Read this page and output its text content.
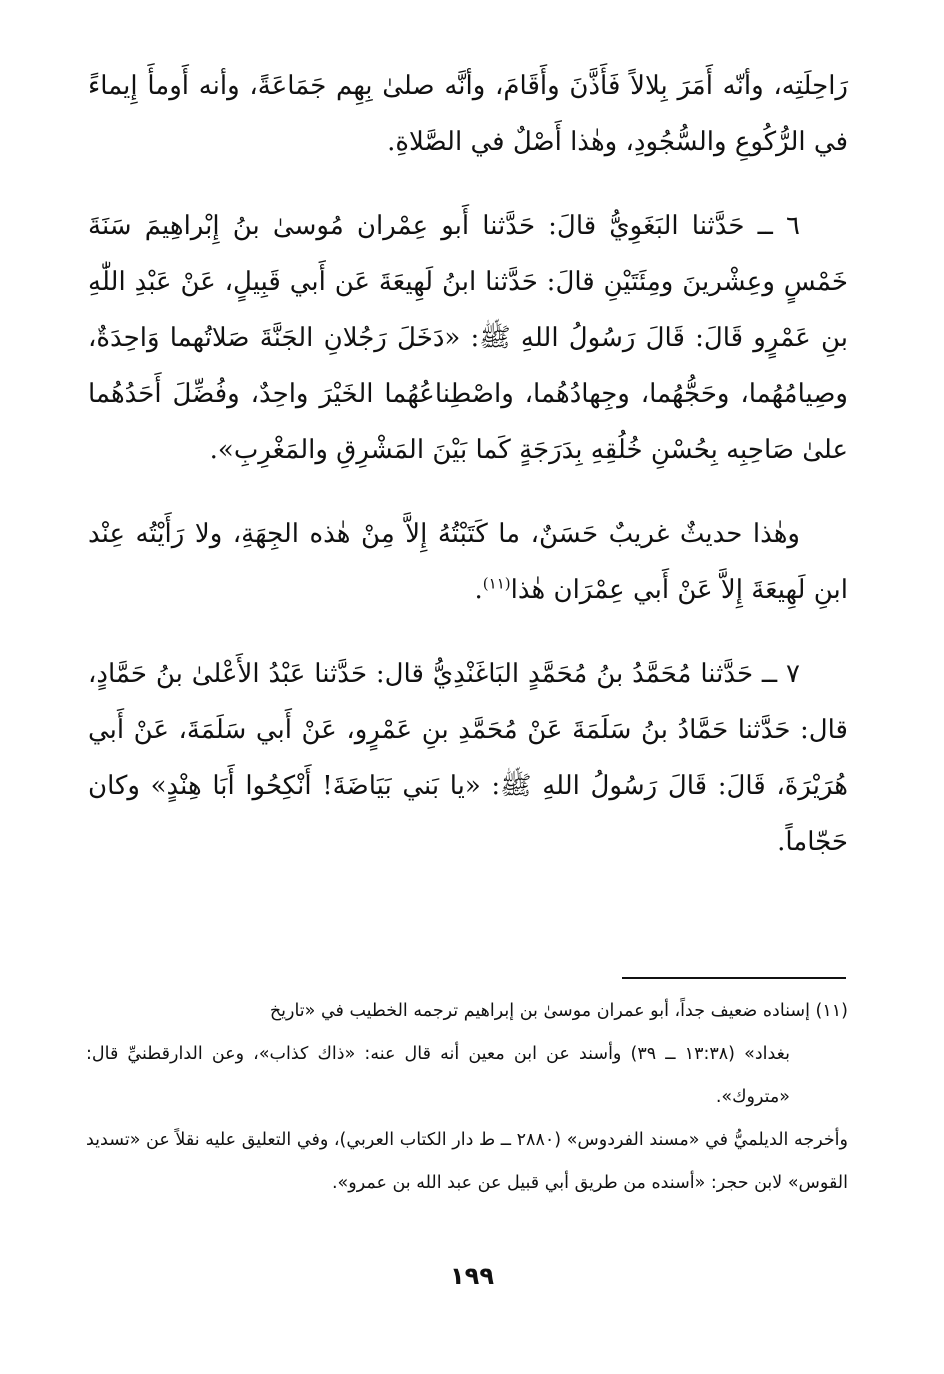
رَاحِلَتِه، وأنّه أَمَرَ بِلالاً فَأَذَّنَ وأَقَامَ، وأنَّه صلىٰ بِهِم جَمَاعَةً، وأنه أَومأَ إِيماءً في الرُّكُوعِ والسُّجُودِ، وهٰذا أَصْلٌ في الصَّلاةِ.

٦ ــ حَدَّثنا البَغَوِيُّ قالَ: حَدَّثنا أَبو عِمْران مُوسىٰ بنُ إِبْراهِيمَ سَنَةَ خَمْسٍ وعِشْرينَ ومِئَتَيْنِ قالَ: حَدَّثنا ابنُ لَهِيعَةَ عَن أَبي قَبِيلٍ، عَنْ عَبْدِ اللّٰهِ بنِ عَمْرٍو قَالَ: قَالَ رَسُولُ اللهِ ﷺ: «دَخَلَ رَجُلانِ الجَنَّةَ صَلاتُهما وَاحِدَةٌ، وصِيامُهُما، وحَجُّهُما، وجِهادُهُما، واصْطِناعُهُما الخَيْرَ واحِدٌ، وفُضِّلَ أَحَدُهُما علىٰ صَاحِبِه بِحُسْنِ خُلُقِهِ بِدَرَجَةٍ كَما بَيْنَ المَشْرِقِ والمَغْرِبِ».

وهٰذا حديثٌ غريبٌ حَسَنٌ، ما كَتَبْتُهُ إِلاَّ مِنْ هٰذه الجِهَةِ، ولا رَأَيْتُه عِنْد ابنِ لَهِيعَةَ إِلاَّ عَنْ أَبي عِمْرَان هٰذا$^{(١١)}$.

٧ ــ حَدَّثنا مُحَمَّدُ بنُ مُحَمَّدٍ البَاغَنْدِيُّ قال: حَدَّثنا عَبْدُ الأَعْلىٰ بنُ حَمَّادٍ، قال: حَدَّثنا حَمَّادُ بنُ سَلَمَةَ عَنْ مُحَمَّدِ بنِ عَمْرٍو، عَنْ أَبي سَلَمَةَ، عَنْ أَبي هُرَيْرَةَ، قَالَ: قَالَ رَسُولُ اللهِ ﷺ: «يا بَني بَيَاضَةَ! أَنْكِحُوا أَبَا هِنْدٍ» وكان حَجّاماً.

(١١) إسناده ضعيف جداً، أبو عمران موسىٰ بن إبراهيم ترجمه الخطيب في «تاريخ

بغداد» (١٣:٣٨ ــ ٣٩) وأسند عن ابن معين أنه قال عنه: «ذاك كذاب»، وعن الدارقطنيِّ قال: «متروك».

وأخرجه الديلميُّ في «مسند الفردوس» (٢٨٨٠ ــ ط دار الكتاب العربي)، وفي التعليق عليه نقلاً عن «تسديد القوس» لابن حجر: «أسنده من طريق أبي قبيل عن عبد الله بن عمرو».

١٩٩
